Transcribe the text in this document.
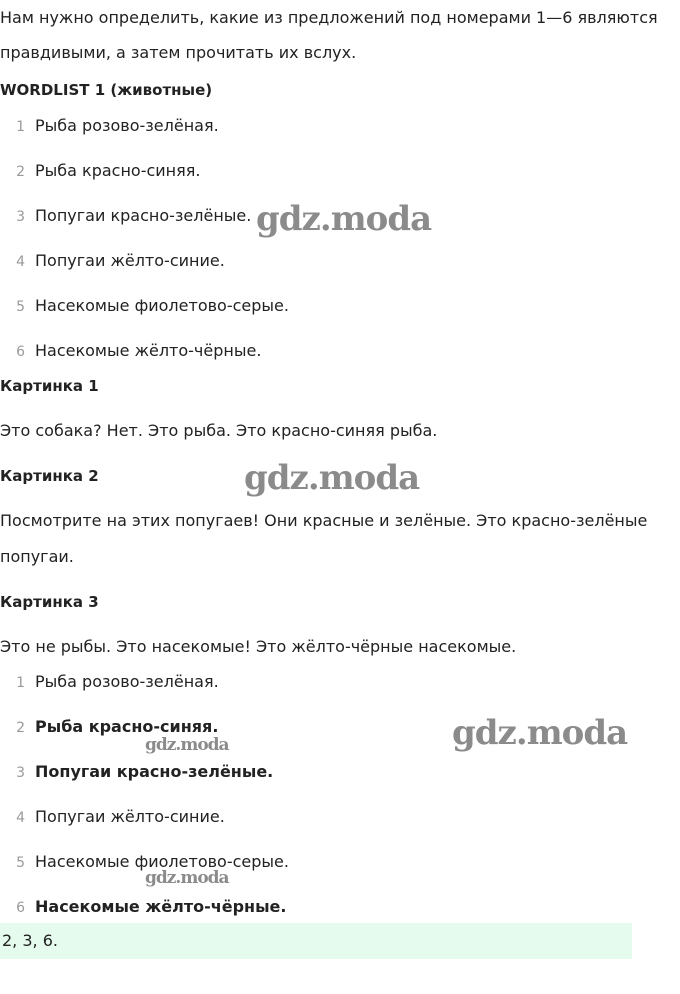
Нам нужно определить, какие из предложений под номерами 1—6 являются

правдивыми, а затем прочитать их вслух.

WORDLIST 1 (животные)
1 Рыба розово-зелёная.
2 Рыба красно-синяя.
3 Попугаи красно-зелёные.
4 Попугаи жёлто-синие.
5 Насекомые фиолетово-серые.
6 Насекомые жёлто-чёрные.
Картинка 1

Это собака? Нет. Это рыба. Это красно-синяя рыба.

Картинка 2

Посмотрите на этих попугаев! Они красные и зелёные. Это красно-зелёные

попугаи.

Картинка 3

Это не рыбы. Это насекомые! Это жёлто-чёрные насекомые.

1 Рыба розово-зелёная.
2 Рыба красно-синяя.
3 Попугаи красно-зелёные.
4 Попугаи жёлто-синие.
5 Насекомые фиолетово-серые.
6 Насекомые жёлто-чёрные.
2, 3, 6.
gdz.moda
gdz.moda
gdz.moda
gdz.moda
gdz.moda
